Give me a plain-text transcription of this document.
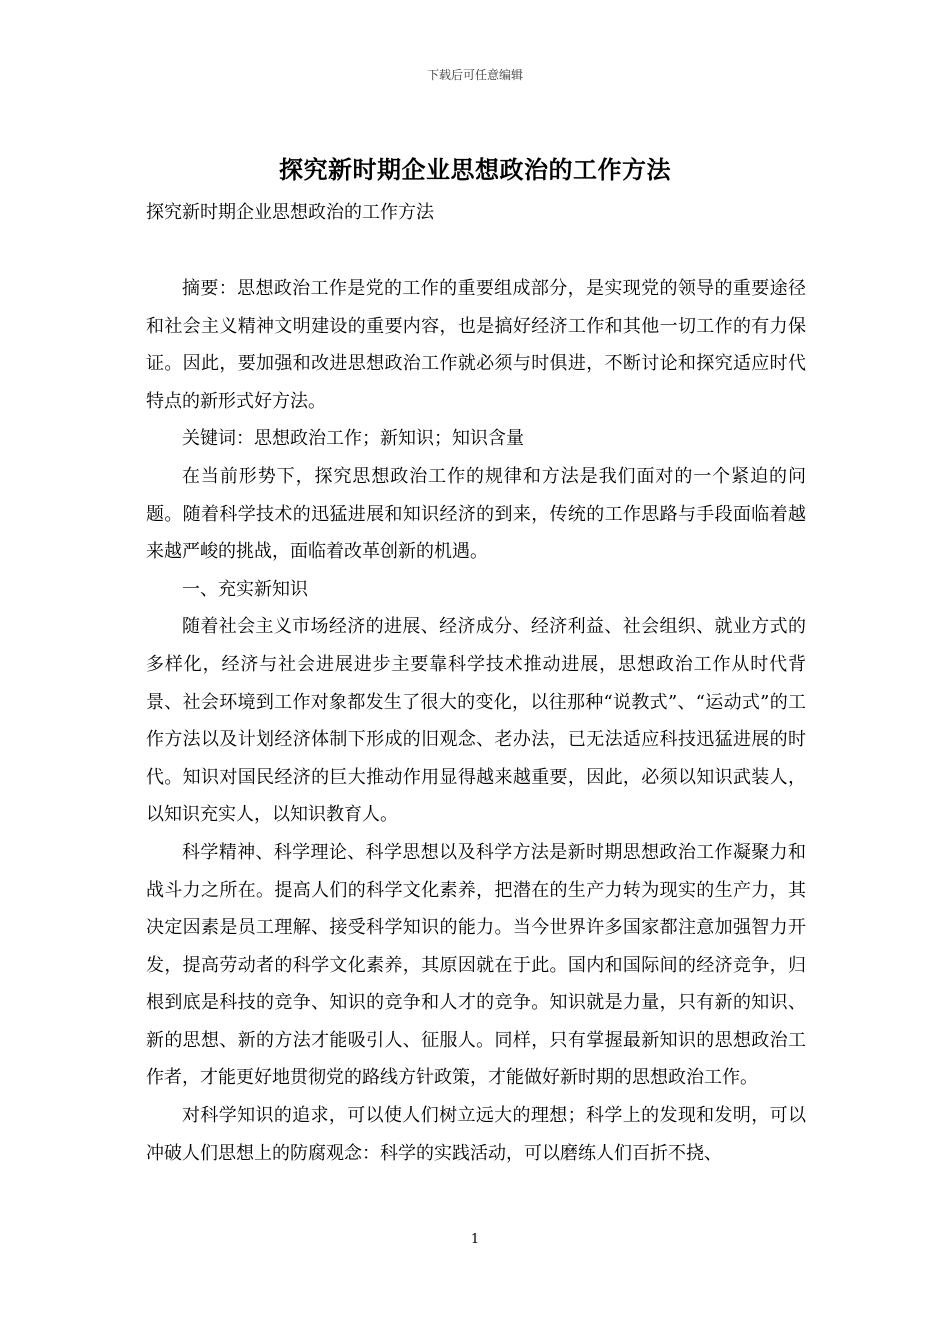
下载后可任意编辑
探究新时期企业思想政治的工作方法
探究新时期企业思想政治的工作方法

摘要：思想政治工作是党的工作的重要组成部分，是实现党的领导的重要途径和社会主义精神文明建设的重要内容，也是搞好经济工作和其他一切工作的有力保证。因此，要加强和改进思想政治工作就必须与时俱进，不断讨论和探究适应时代特点的新形式好方法。

关键词：思想政治工作；新知识；知识含量

在当前形势下，探究思想政治工作的规律和方法是我们面对的一个紧迫的问题。随着科学技术的迅猛进展和知识经济的到来，传统的工作思路与手段面临着越来越严峻的挑战，面临着改革创新的机遇。

一、充实新知识

随着社会主义市场经济的进展、经济成分、经济利益、社会组织、就业方式的多样化，经济与社会进展进步主要靠科学技术推动进展，思想政治工作从时代背景、社会环境到工作对象都发生了很大的变化，以往那种“说教式”、“运动式”的工作方法以及计划经济体制下形成的旧观念、老办法，已无法适应科技迅猛进展的时代。知识对国民经济的巨大推动作用显得越来越重要，因此，必须以知识武装人，以知识充实人，以知识教育人。

科学精神、科学理论、科学思想以及科学方法是新时期思想政治工作凝聚力和战斗力之所在。提高人们的科学文化素养，把潜在的生产力转为现实的生产力，其决定因素是员工理解、接受科学知识的能力。当今世界许多国家都注意加强智力开发，提高劳动者的科学文化素养，其原因就在于此。国内和国际间的经济竞争，归根到底是科技的竞争、知识的竞争和人才的竞争。知识就是力量，只有新的知识、新的思想、新的方法才能吸引人、征服人。同样，只有掌握最新知识的思想政治工作者，才能更好地贯彻党的路线方针政策，才能做好新时期的思想政治工作。

对科学知识的追求，可以使人们树立远大的理想；科学上的发现和发明，可以冲破人们思想上的防腐观念：科学的实践活动，可以磨练人们百折不挠、

1
